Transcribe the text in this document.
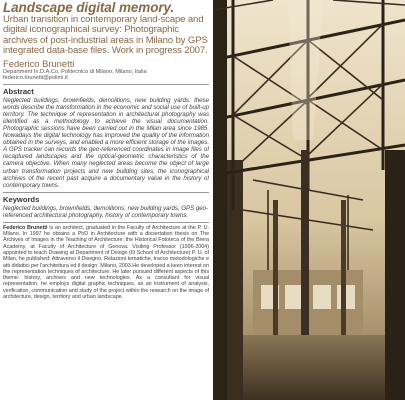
Landscape digital memory.

Urban transition in contemporary land-scape and digital iconographical survey: Photographic archives of post-industrial areas in Milano by GPS integrated data-base files. Work in progress 2007.

Federico Brunetti
Department In.D.A.Co, Politecnico di Milano, Milano, Italia
federico.brunetti@polimi.it
Abstract

Neglected buildings, brownfields, demolitions, new building yards: these words describe the transformation in the economic and social use of built-up territory. The technique of representation in architectural photography was identified as a methodology to achieve the visual documentation. Photographic sessions have been carried out in the Milan area since 1985. Nowadays the digital technology has improved the quality of the information obtained in the surveys, and enabled a more efficient storage of the images. A GPS tracker can records the geo-referenced coordinates in image files of recaptured landscapes and the optical-geometric characteristics of the camera objective. When many neglected areas become the object of large urban transformation projects and new building sites, the iconographical archives of the recent past acquire a documentary value in the history of contemporary towns.

Keywords

Neglected buildings, brownfields, demolitions, new building yards, GPS geo-referenced architectural photography, history of contemporary towns.

Federico Brunetti is an architect, graduated in the Faculty of Architecture at the P. U. Milano. In 1997 he obtains a PhD in Architecture with a dissertation thesis on The Archives of Images in the Teaching of Architecture: the Historical Fototeca of the Brera Academy, at Faculty of Architecture of Genova. Visiting Professor (1996-2004) appointed to teach Drawing at Department of Design (III School of Architecture) P. U. of Milan, he published: Attraverso il Disegno. Relazioni tematiche, tracce metodologiche e atti didattici per l'architettura ed il design. Milano, 2003.He developed a keen interest on the representation techniques of architecture. He later pursued different aspects of this theme: history, archives and new technologies. As a consultant for visual representation, he employs digital graphic techniques, as an instrument of analysis, verification, communication and study of the project within the research on the image of architecture, design, territory and urban landscape.
